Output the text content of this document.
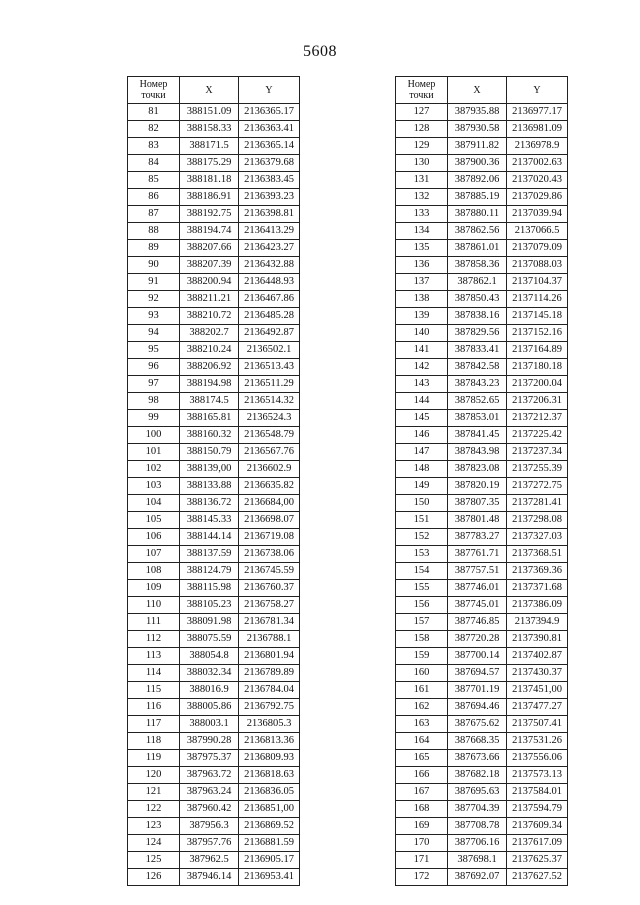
5608
Номер
точки	X	Y
81	388151.09	2136365.17
82	388158.33	2136363.41
83	388171.5	2136365.14
84	388175.29	2136379.68
85	388181.18	2136383.45
86	388186.91	2136393.23
87	388192.75	2136398.81
88	388194.74	2136413.29
89	388207.66	2136423.27
90	388207.39	2136432.88
91	388200.94	2136448.93
92	388211.21	2136467.86
93	388210.72	2136485.28
94	388202.7	2136492.87
95	388210.24	2136502.1
96	388206.92	2136513.43
97	388194.98	2136511.29
98	388174.5	2136514.32
99	388165.81	2136524.3
100	388160.32	2136548.79
101	388150.79	2136567.76
102	388139,00	2136602.9
103	388133.88	2136635.82
104	388136.72	2136684,00
105	388145.33	2136698.07
106	388144.14	2136719.08
107	388137.59	2136738.06
108	388124.79	2136745.59
109	388115.98	2136760.37
110	388105.23	2136758.27
111	388091.98	2136781.34
112	388075.59	2136788.1
113	388054.8	2136801.94
114	388032.34	2136789.89
115	388016.9	2136784.04
116	388005.86	2136792.75
117	388003.1	2136805.3
118	387990.28	2136813.36
119	387975.37	2136809.93
120	387963.72	2136818.63
121	387963.24	2136836.05
122	387960.42	2136851,00
123	387956.3	2136869.52
124	387957.76	2136881.59
125	387962.5	2136905.17
126	387946.14	2136953.41
Номер
точки	X	Y
127	387935.88	2136977.17
128	387930.58	2136981.09
129	387911.82	2136978.9
130	387900.36	2137002.63
131	387892.06	2137020.43
132	387885.19	2137029.86
133	387880.11	2137039.94
134	387862.56	2137066.5
135	387861.01	2137079.09
136	387858.36	2137088.03
137	387862.1	2137104.37
138	387850.43	2137114.26
139	387838.16	2137145.18
140	387829.56	2137152.16
141	387833.41	2137164.89
142	387842.58	2137180.18
143	387843.23	2137200.04
144	387852.65	2137206.31
145	387853.01	2137212.37
146	387841.45	2137225.42
147	387843.98	2137237.34
148	387823.08	2137255.39
149	387820.19	2137272.75
150	387807.35	2137281.41
151	387801.48	2137298.08
152	387783.27	2137327.03
153	387761.71	2137368.51
154	387757.51	2137369.36
155	387746.01	2137371.68
156	387745.01	2137386.09
157	387746.85	2137394.9
158	387720.28	2137390.81
159	387700.14	2137402.87
160	387694.57	2137430.37
161	387701.19	2137451,00
162	387694.46	2137477.27
163	387675.62	2137507.41
164	387668.35	2137531.26
165	387673.66	2137556.06
166	387682.18	2137573.13
167	387695.63	2137584.01
168	387704.39	2137594.79
169	387708.78	2137609.34
170	387706.16	2137617.09
171	387698.1	2137625.37
172	387692.07	2137627.52
